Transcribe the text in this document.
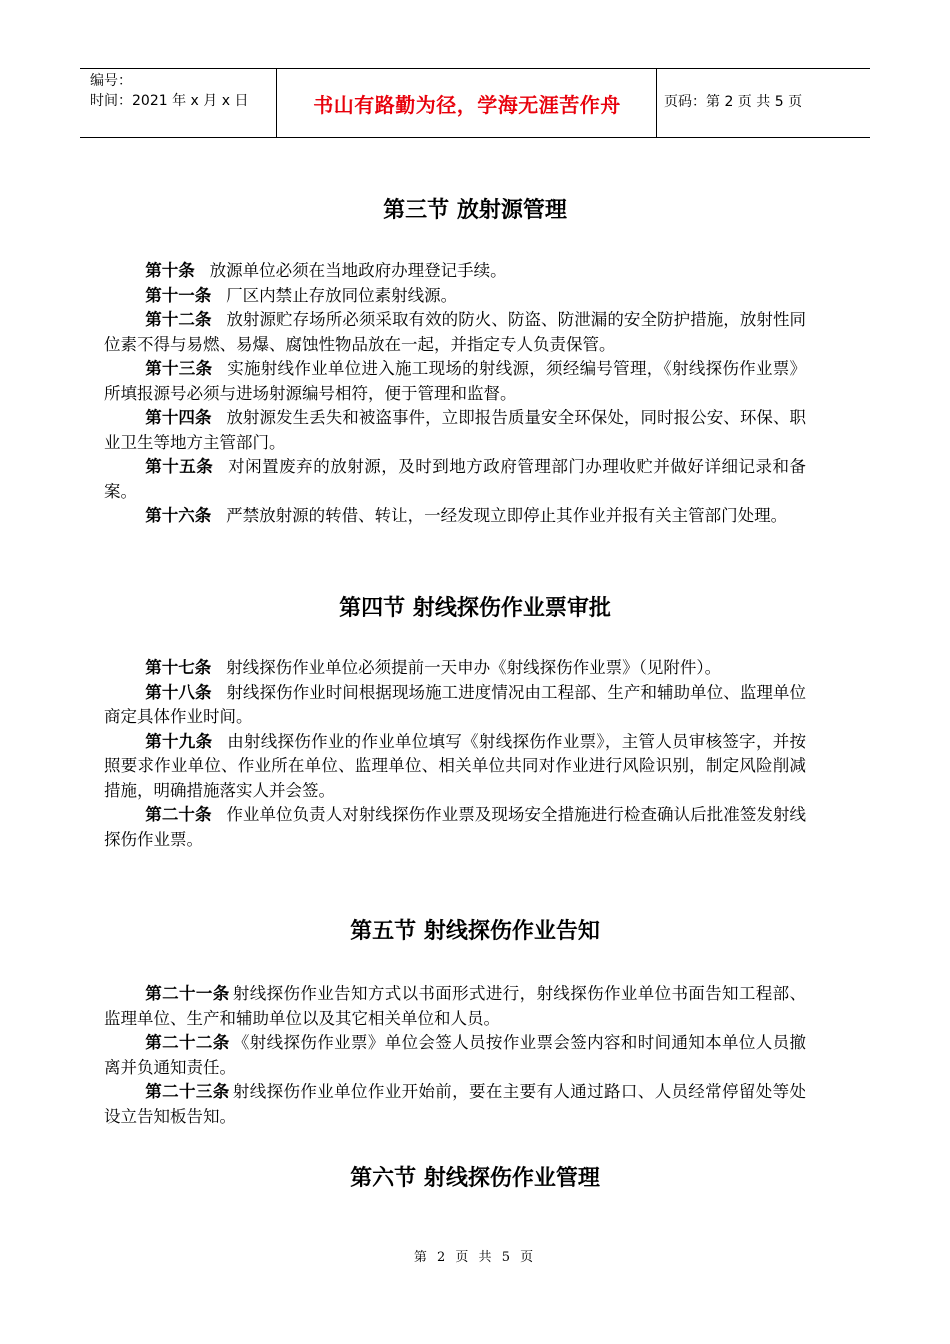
编号：
时间：2021 年 x 月 x 日	书山有路勤为径，学海无涯苦作舟	页码：第 2 页 共 5 页
第三节 放射源管理

第十条 放源单位必须在当地政府办理登记手续。

第十一条 厂区内禁止存放同位素射线源。

第十二条 放射源贮存场所必须采取有效的防火、防盗、防泄漏的安全防护措施，放射性同位素不得与易燃、易爆、腐蚀性物品放在一起，并指定专人负责保管。

第十三条 实施射线作业单位进入施工现场的射线源，须经编号管理，《射线探伤作业票》所填报源号必须与进场射源编号相符，便于管理和监督。

第十四条 放射源发生丢失和被盗事件，立即报告质量安全环保处，同时报公安、环保、职业卫生等地方主管部门。

第十五条 对闲置废弃的放射源，及时到地方政府管理部门办理收贮并做好详细记录和备案。

第十六条 严禁放射源的转借、转让，一经发现立即停止其作业并报有关主管部门处理。

第四节 射线探伤作业票审批

第十七条 射线探伤作业单位必须提前一天申办《射线探伤作业票》（见附件）。

第十八条 射线探伤作业时间根据现场施工进度情况由工程部、生产和辅助单位、监理单位商定具体作业时间。

第十九条 由射线探伤作业的作业单位填写《射线探伤作业票》，主管人员审核签字，并按照要求作业单位、作业所在单位、监理单位、相关单位共同对作业进行风险识别，制定风险削减措施，明确措施落实人并会签。

第二十条 作业单位负责人对射线探伤作业票及现场安全措施进行检查确认后批准签发射线探伤作业票。

第五节 射线探伤作业告知

第二十一条 射线探伤作业告知方式以书面形式进行，射线探伤作业单位书面告知工程部、监理单位、生产和辅助单位以及其它相关单位和人员。

第二十二条 《射线探伤作业票》单位会签人员按作业票会签内容和时间通知本单位人员撤离并负通知责任。

第二十三条 射线探伤作业单位作业开始前，要在主要有人通过路口、人员经常停留处等处设立告知板告知。

第六节 射线探伤作业管理
第 2 页 共 5 页
